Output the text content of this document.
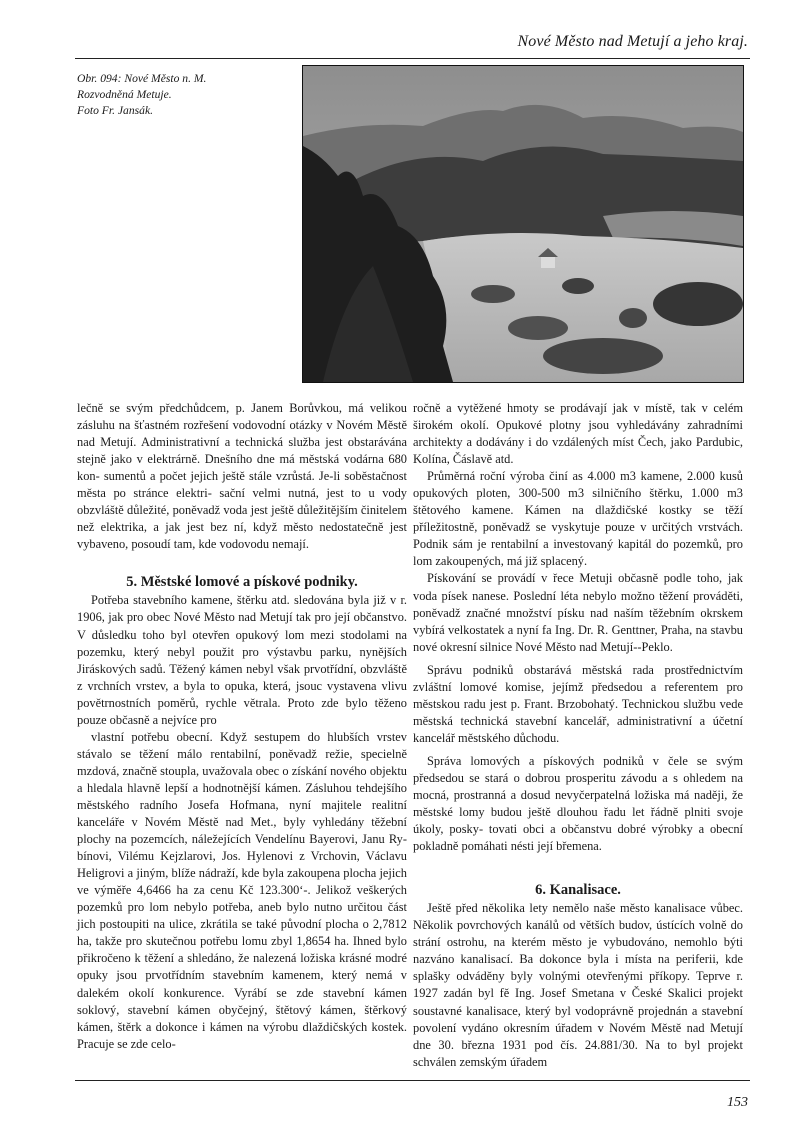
Nové Město nad Metují a jeho kraj.
Obr. 094: Nové Město n. M.
Rozvodněná Metuje.
Foto Fr. Jansák.

lečně se svým předchůdcem, p. Janem Borůvkou, má velikou zásluhu na šťastném rozřešení vodovodní otázky v Novém Městě nad Metují. Administrativní a technická služba jest obstarávána stejně jako v elektrárně. Dnešního dne má městská vodárna 680 kon- sumentů a počet jejich ještě stále vzrůstá. Je-li soběstačnost města po stránce elektri- sační velmi nutná, jest to u vody obzvláště důležité, poněvadž voda jest ještě důležitějším činitelem než elektrika, a jak jest bez ní, když město nedostatečně jest vybaveno, posoudí tam, kde vodovodu nemají.

5. Městské lomové a pískové podniky.

Potřeba stavebního kamene, štěrku atd. sledována byla již v r. 1906, jak pro obec Nové Město nad Metují tak pro její občanstvo. V důsledku toho byl otevřen opukový lom mezi stodolami na pozemku, který nebyl použit pro výstavbu parku, nynějších Jiráskových sadů. Těžený kámen nebyl však prvotřídní, obzvláště z vrchních vrstev, a byla to opuka, která, jsouc vystavena vlivu povětrnostních poměrů, rychle větrala. Proto zde bylo těženo pouze občasně a nejvíce pro

vlastní potřebu obecní. Když sestupem do hlubších vrstev stávalo se těžení málo rentabilní, poněvadž režie, specielně mzdová, značně stoupla, uvažovala obec o získání nového objektu a hledala hlavně lepší a hodnotnější kámen. Zásluhou tehdejšího městského radního Josefa Hofmana, nyní majitele realitní kanceláře v Novém Městě nad Met., byly vyhledány těžební plochy na pozemcích, náležejících Vendelínu Bayerovi, Janu Ry- bínovi, Vilému Kejzlarovi, Jos. Hylenovi z Vrchovin, Václavu Heligrovi a jiným, blíže nádraží, kde byla zakoupena plocha jejich ve výměře 4,6466 ha za cenu Kč 123.300‘-. Jelikož veškerých pozemků pro lom nebylo potřeba, aneb bylo nutno určitou část jich postoupiti na ulice, zkrátila se také původní plocha o 2,7812 ha, takže pro skutečnou potřebu lomu zbyl 1,8654 ha. Ihned bylo přikročeno k těžení a shledáno, že nalezená ložiska krásné modré opuky jsou prvotřídním stavebním kamenem, který nemá v dalekém okolí konkurence. Vyrábí se zde stavební kámen soklový, stavební kámen obyčejný, štětový kámen, štěrkový kámen, štěrk a dokonce i kámen na výrobu dlaždičských kostek. Pracuje se zde celo-

ročně a vytěžené hmoty se prodávají jak v místě, tak v celém širokém okolí. Opukové plotny jsou vyhledávány zahradními architekty a dodávány i do vzdálených míst Čech, jako Pardubic, Kolína, Čáslavě atd.

Průměrná roční výroba činí as 4.000 m3 kamene, 2.000 kusů opukových ploten, 300-500 m3 silničního štěrku, 1.000 m3 štětového kamene. Kámen na dlaždičské kostky se těží příležitostně, poněvadž se vyskytuje pouze v určitých vrstvách. Podnik sám je rentabilní a investovaný kapitál do pozemků, pro lom zakoupených, má již splacený.

Pískování se provádí v řece Metuji občasně podle toho, jak voda písek nanese. Poslední léta nebylo možno těžení prováděti, poněvadž značné množství písku nad naším těžebním okrskem vybírá velkostatek a nyní fa Ing. Dr. R. Genttner, Praha, na stavbu nové okresní silnice Nové Město nad Metují--Peklo.

Správu podniků obstarává městská rada prostřednictvím zvláštní lomové komise, jejímž předsedou a referentem pro městskou radu jest p. Frant. Brzobohatý. Technickou službu vede městská technická stavební kancelář, administrativní a účetní kancelář městského důchodu.

Správa lomových a pískových podniků v čele se svým předsedou se stará o dobrou prosperitu závodu a s ohledem na mocná, prostranná a dosud nevyčerpatelná ložiska má naději, že městské lomy budou ještě dlouhou řadu let řádně plniti svoje úkoly, posky- tovati obci a občanstvu dobré výrobky a obecní pokladně pomáhati nésti její břemena.

6. Kanalisace.

Ještě před několika lety nemělo naše město kanalisace vůbec. Několik povrchových kanálů od větších budov, ústících volně do strání ostrohu, na kterém město je vybudováno, nemohlo býti nazváno kanalisací. Ba dokonce byla i místa na periferii, kde splašky odváděny byly volnými otevřenými příkopy. Teprve r. 1927 zadán byl fě Ing. Josef Smetana v České Skalici projekt soustavné kanalisace, který byl vodoprávně projednán a stavební povolení vydáno okresním úřadem v Novém Městě nad Metují dne 30. března 1931 pod čís. 24.881/30. Na to byl projekt schválen zemským úřadem

153
